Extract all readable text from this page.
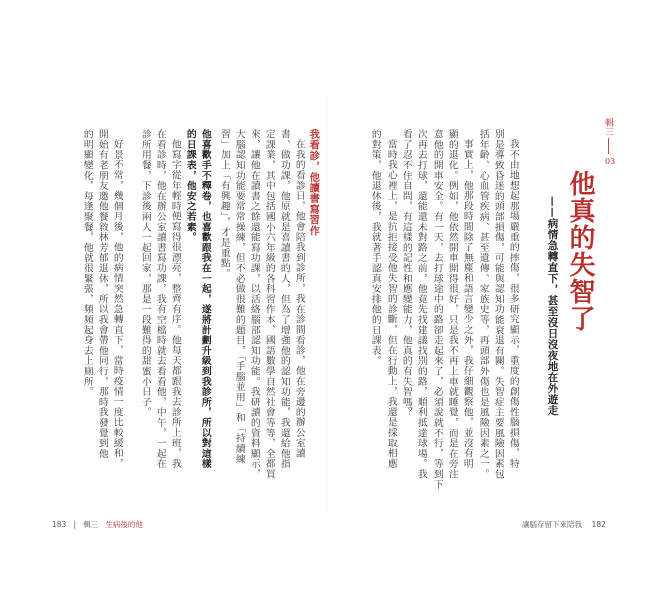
輯三
03
他真的失智了
——病情急轉直下，甚至沒日沒夜地在外遊走
我不由地想起那場嚴重的摔傷，很多研究顯示，重度的創傷性腦損傷，特
別是導致昏迷的頭部損傷，可能與認知功能衰退有關。失智症主要風險因素包
括年齡、心血管疾病、甚至遺傳、家族史等，再頭部外傷也是風險因素之一。
事實上，他那段時間除了無塵和語言變少之外，我仔細觀察他，並沒有明
顯的退化。例如，他依然開車開得很好，只是我不再上車就睡覺，而是在旁注
意他的開車安全。有一天，去打球途中的路卻走起來了，必須說就不行，等到下
次再去打球，還能還未對路之前，他竟先找建議找別的路，順利抵達球場。我
看了忍不住自問，有這樣的記性和應變能力，他真的有失智嗎？
當時我心裡上，是抗拒接受他失智的診斷，但在行動上，我還是採取相應
的對策，他退休後，我就著手認真安排他的日課表。
在我的看診日，他會陪我到診所，我在診間看診，他在旁邊的辦公室讀
書、做功課，他原就是喜讀書的人，但為了增強他的認知功能，我還給他指
定課業，其中包括國小六年級的各科習作本，國語數學自然社會等等，全都買
來，讓他在讀書之餘還能寫功課，以活絡腦部認知功能。我研讀的資料顯示，
大腦認知功能要常常操練，但不必做很難的題目，「手腦並用」和「持續練
習」加上「有興趣」，才是重點。	我看診，他讀書寫習作
他喜歡手不釋卷，也喜歡跟我在一起，遂將計劃升級到我診所，所以對這樣
的日課表，他安之若素。
他寫字從年輕時便寫得很漂亮，整齊有序。他每天都跟我去診所上班，我
在看診時，他在辦公室讀書寫功課，我有空檔時就去看看他，中午，一起在
診所用餐，下診後兩人一起回家，那是一段難得的甜蜜小日子。
好景不常，幾個月後，他的病情突然急轉直下，當時疫情一度比較緩和，
開始有老朋友邀他餐敘林芳郁退休，所以我會帶他同行，那時我發覺到他
的明顯變化，每逢聚餐，他就很緊張，頻頻起身去上廁所。
183   |   輯三 生病後的他	讓腦存留下來陪我 182
